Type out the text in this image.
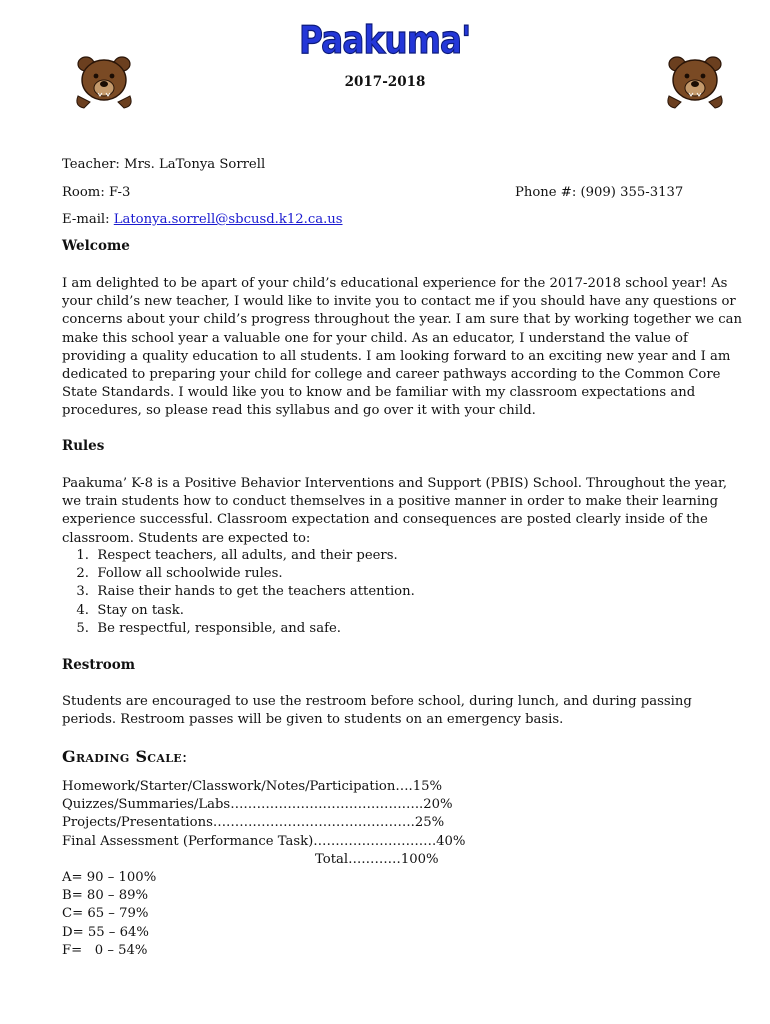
Paakuma'
2017-2018
Teacher: Mrs. LaTonya Sorrell
Room: F-3	Phone #: (909) 355-3137
E-mail: Latonya.sorrell@sbcusd.k12.ca.us
Welcome

I am delighted to be apart of your child’s educational experience for the 2017-2018 school year! As your child’s new teacher, I would like to invite you to contact me if you should have any questions or concerns about your child’s progress throughout the year. I am sure that by working together we can make this school year a valuable one for your child. As an educator, I understand the value of providing a quality education to all students. I am looking forward to an exciting new year and I am dedicated to preparing your child for college and career pathways according to the Common Core State Standards. I would like you to know and be familiar with my classroom expectations and procedures, so please read this syllabus and go over it with your child.

Rules

Paakuma’ K-8 is a Positive Behavior Interventions and Support (PBIS) School. Throughout the year, we train students how to conduct themselves in a positive manner in order to make their learning experience successful. Classroom expectation and consequences are posted clearly inside of the classroom. Students are expected to:

1.
Respect teachers, all adults, and their peers.
2.
Follow all schoolwide rules.
3.
Raise their hands to get the teachers attention.
4.
Stay on task.
5.
Be respectful, responsible, and safe.
Restroom

Students are encouraged to use the restroom before school, during lunch, and during passing periods. Restroom passes will be given to students on an emergency basis.

Grading Scale:
Homework/Starter/Classwork/Notes/Participation….15%
Quizzes/Summaries/Labs……………………………………..20%
Projects/Presentations……………………………………….25%
Final Assessment (Performance Task)……………………….40%
Total…………100%
A= 90 – 100%
B= 80 – 89%
C= 65 – 79%
D= 55 – 64%
F=   0 – 54%
